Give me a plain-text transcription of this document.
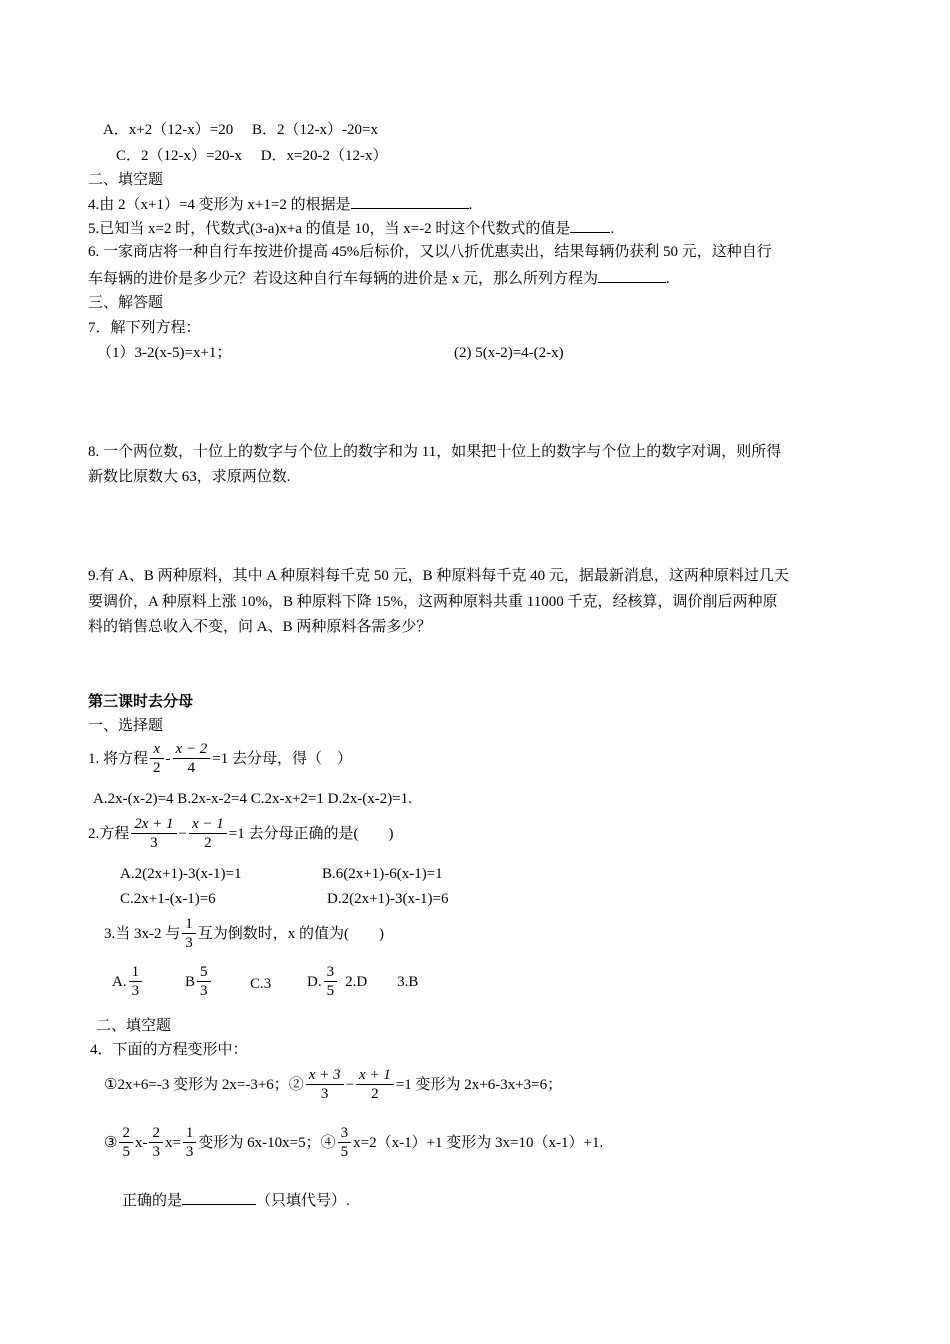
A．x+2（12-x）=20　 B．2（12-x）-20=x
C．2（12-x）=20-x　 D．x=20-2（12-x）
二、填空题
4.由 2（x+1）=4 变形为 x+1=2 的根据是	.
5.已知当 x=2 时，代数式(3-a)x+a 的值是 10，当 x=-2 时这个代数式的值是	.
6. 一家商店将一种自行车按进价提高 45%后标价，又以八折优惠卖出，结果每辆仍获利 50 元，这种自行
车每辆的进价是多少元？若设这种自行车每辆的进价是 x 元，那么所列方程为	.
三、解答题
7．解下列方程：
（1）3-2(x-5)=x+1；	(2) 5(x-2)=4-(2-x)
8. 一个两位数，十位上的数字与个位上的数字和为 11，如果把十位上的数字与个位上的数字对调，则所得
新数比原数大 63，求原两位数.
9.有 A、B 两种原料，其中 A 种原料每千克 50 元，B 种原料每千克 40 元，据最新消息，这两种原料过几天
要调价，A 种原料上涨 10%，B 种原料下降 15%，这两种原料共重 11000 千克，经核算，调价削后两种原
料的销售总收入不变，问 A、B 两种原料各需多少？
第三课时去分母
一、选择题
1. 将方程 $\frac{x}{2} - \frac{x - 2}{4} =1$ 去分母，得（　）
A.2x-(x-2)=4 B.2x-x-2=4 C.2x-x+2=1 D.2x-(x-2)=1.
2.方程 $\frac{2x + 1}{3} - \frac{x - 1}{2} =1$ 去分母正确的是(　　)
A.2(2x+1)-3(x-1)=1	B.6(2x+1)-6(x-1)=1
C.2x+1-(x-1)=6	D.2(2x+1)-3(x-1)=6
3.当 3x-2 与 $\frac{1}{3}$ 互为倒数时，x 的值为(　　)
A. $\frac{1}{3}$	B $\frac{5}{3}$	C.3 D. $\frac{3}{5} 2.D$　　3.B
二、填空题
4．下面的方程变形中：
①2x+6=-3 变形为 2x=-3+6；② $\frac{x + 3}{3} - \frac{x + 1}{2} =1$ 变形为 2x+6-3x+3=6；
③ $\frac{2}{5} x- \frac{2}{3} x= \frac{1}{3}$ 变形为 6x-10x=5；④ $\frac{3}{5} x=2(x-1)+1$ 变形为 3x=10（x-1）+1.
正确的是	（只填代号）.
